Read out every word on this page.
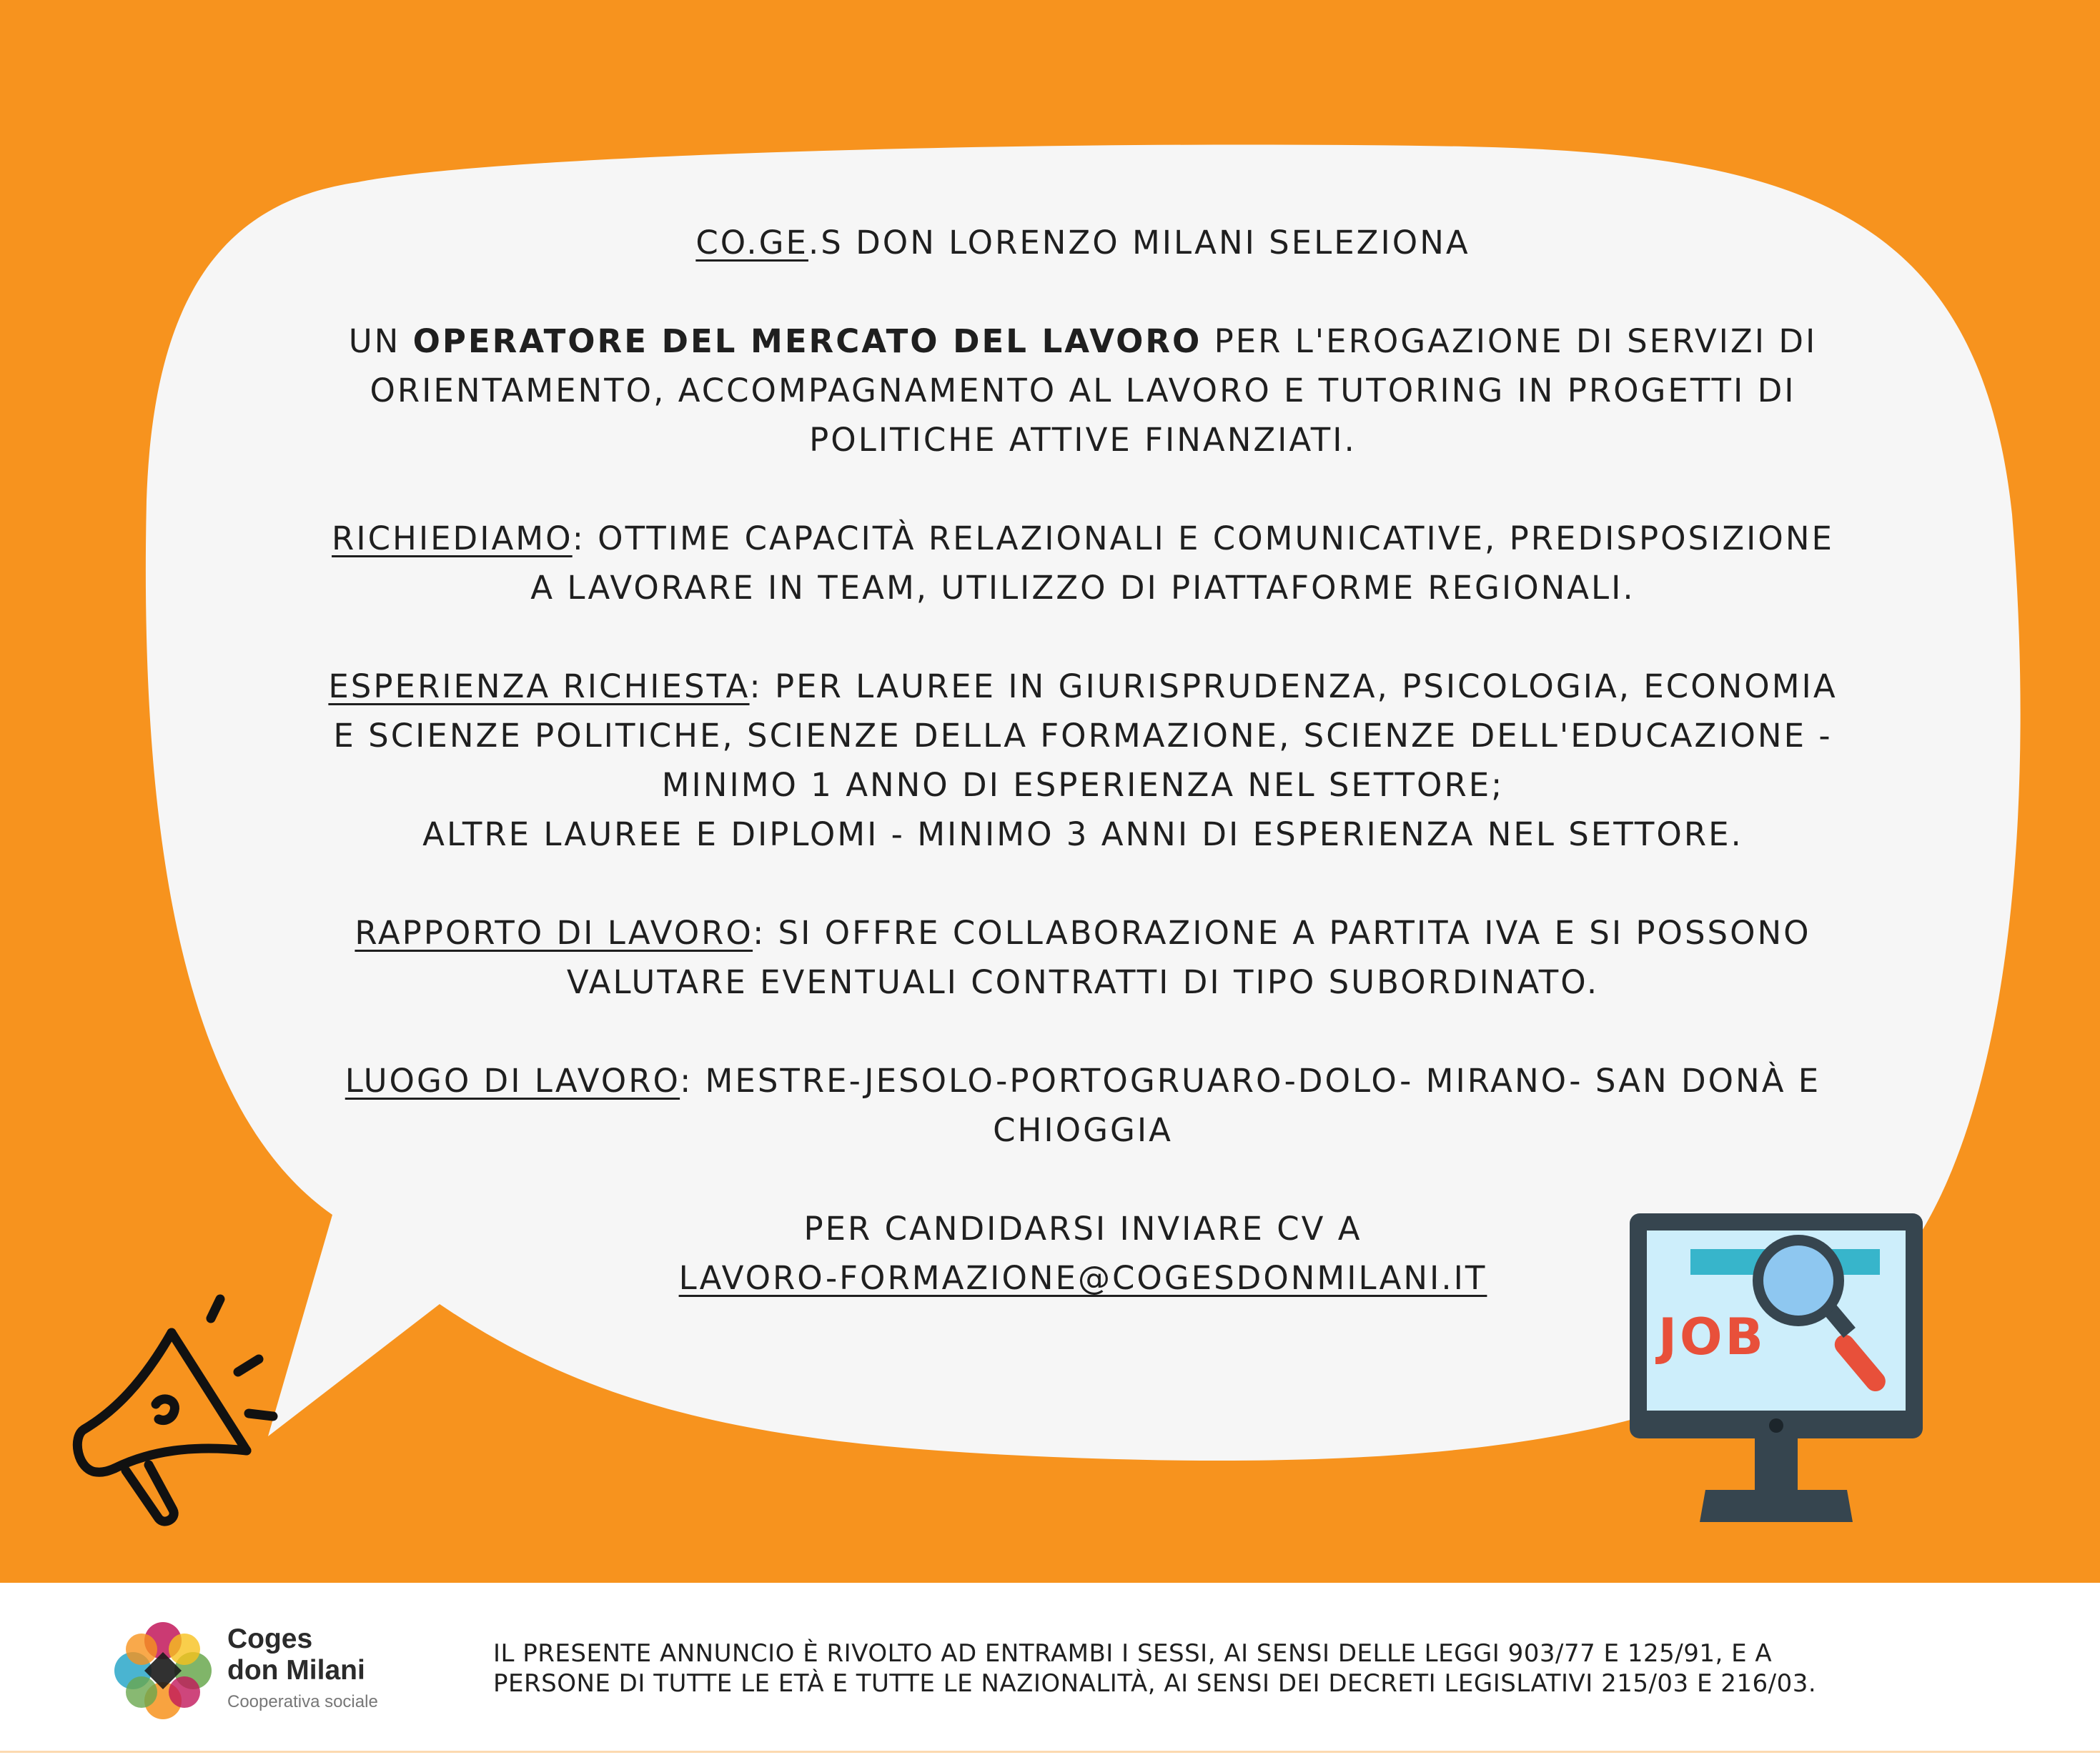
CO.GE.S DON LORENZO MILANI SELEZIONA

UN OPERATORE DEL MERCATO DEL LAVORO PER L'EROGAZIONE DI SERVIZI DI

ORIENTAMENTO, ACCOMPAGNAMENTO AL LAVORO E TUTORING IN PROGETTI DI

POLITICHE ATTIVE FINANZIATI.

RICHIEDIAMO: OTTIME CAPACITÀ RELAZIONALI E COMUNICATIVE, PREDISPOSIZIONE

A LAVORARE IN TEAM, UTILIZZO DI PIATTAFORME REGIONALI.

ESPERIENZA RICHIESTA: PER LAUREE IN GIURISPRUDENZA, PSICOLOGIA, ECONOMIA

E SCIENZE POLITICHE, SCIENZE DELLA FORMAZIONE, SCIENZE DELL'EDUCAZIONE -

MINIMO 1 ANNO DI ESPERIENZA NEL SETTORE;

ALTRE LAUREE E DIPLOMI - MINIMO 3 ANNI DI ESPERIENZA NEL SETTORE.

RAPPORTO DI LAVORO: SI OFFRE COLLABORAZIONE A PARTITA IVA E SI POSSONO

VALUTARE EVENTUALI CONTRATTI DI TIPO SUBORDINATO.

LUOGO DI LAVORO: MESTRE-JESOLO-PORTOGRUARO-DOLO- MIRANO- SAN DONÀ E

CHIOGGIA

PER CANDIDARSI INVIARE CV A

LAVORO-FORMAZIONE@COGESDONMILANI.IT

JOB
Coges
don Milani
Cooperativa sociale

IL PRESENTE ANNUNCIO È RIVOLTO AD ENTRAMBI I SESSI, AI SENSI DELLE LEGGI 903/77 E 125/91, E A

PERSONE DI TUTTE LE ETÀ E TUTTE LE NAZIONALITÀ, AI SENSI DEI DECRETI LEGISLATIVI 215/03 E 216/03.
